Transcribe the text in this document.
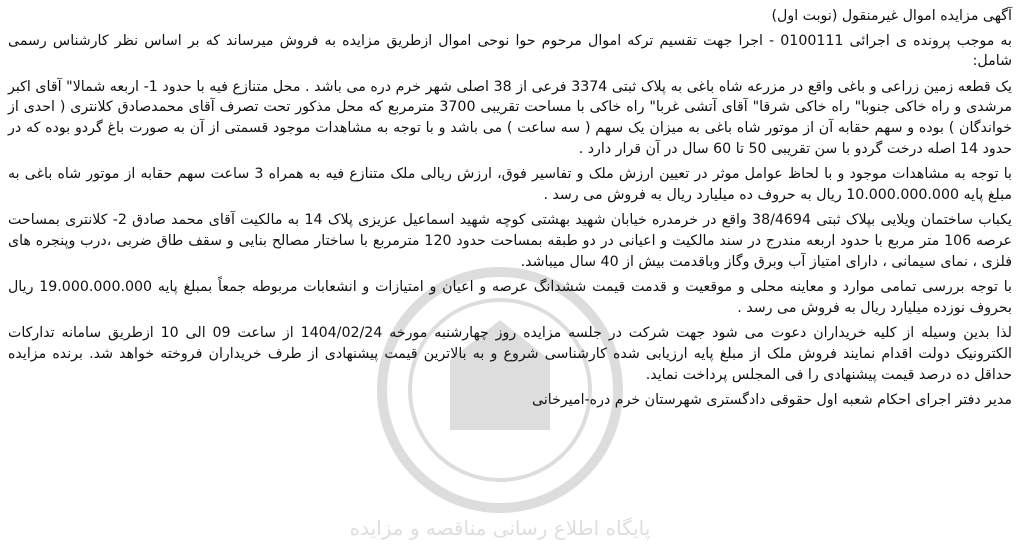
پایگاه اطلاع رسانی مناقصه و مزایده

آگهی مزایده اموال غیرمنقول (نوبت اول)

به موجب پرونده ی اجرائی 0100111 - اجرا جهت تقسیم ترکه اموال مرحوم حوا نوحی اموال ازطریق مزایده به فروش میرساند که بر اساس نظر کارشناس رسمی شامل:

یک قطعه زمین زراعی و باغی واقع در مزرعه شاه باغی به پلاک ثبتی 3374 فرعی از 38 اصلی شهر خرم دره می باشد . محل متنازع فیه با حدود 1- اربعه شمالا" آقای اکبر مرشدی و راه خاکی جنوبا" راه خاکی شرقا" آقای آتشی غربا" راه خاکی با مساحت تقریبی 3700 مترمربع که محل مذکور تحت تصرف آقای محمدصادق کلانتری ( احدی از خواندگان ) بوده و سهم حقابه آن از موتور شاه باغی به میزان یک سهم ( سه ساعت ) می باشد و با توجه به مشاهدات موجود قسمتی از آن به صورت باغ گردو بوده که در حدود 14 اصله درخت گردو با سن تقریبی 50 تا 60 سال در آن قرار دارد .

با توجه به مشاهدات موجود و با لحاظ عوامل موثر در تعیین ارزش ملک و تفاسیر فوق، ارزش ریالی ملک متنازع فیه به همراه 3 ساعت سهم حقابه از موتور شاه باغی به مبلغ پایه 10.000.000.000 ریال به حروف ده میلیارد ریال به فروش می رسد .

یکباب ساختمان ویلایی بپلاک ثبتی 38/4694 واقع در خرمدره خیابان شهید بهشتی کوچه شهید اسماعیل عزیزی پلاک 14 به مالکیت آقای محمد صادق 2- کلانتری بمساحت عرصه 106 متر مربع با حدود اربعه مندرج در سند مالکیت و اعیانی در دو طبقه بمساحت حدود 120 مترمربع با ساختار مصالح بنایی و سقف طاق ضربی ،درب وپنجره های فلزی ، نمای سیمانی ، دارای امتیاز آب وبرق وگاز وباقدمت بیش از 40 سال میباشد.

با توجه بررسی تمامی موارد و معاینه محلی و موقعیت و قدمت قیمت ششدانگ عرصه و اعیان و امتیازات و انشعابات مربوطه جمعاً بمبلغ پایه 19.000.000.000 ریال بحروف نوزده میلیارد ریال به فروش می رسد .

لذا بدین وسیله از کلیه خریداران دعوت می شود جهت شرکت در جلسه مزایده روز چهارشنبه مورخه 1404/02/24 از ساعت 09 الی 10 ازطریق سامانه تدارکات الکترونیک دولت اقدام نمایند فروش ملک از مبلغ پایه ارزیابی شده کارشناسی شروع و به بالاترین قیمت پیشنهادی از طرف خریداران فروخته خواهد شد. برنده مزایده حداقل ده درصد قیمت پیشنهادی را فی المجلس پرداخت نماید.

مدیر دفتر اجرای احکام شعبه اول حقوقی دادگستری شهرستان خرم دره-امیرخانی
